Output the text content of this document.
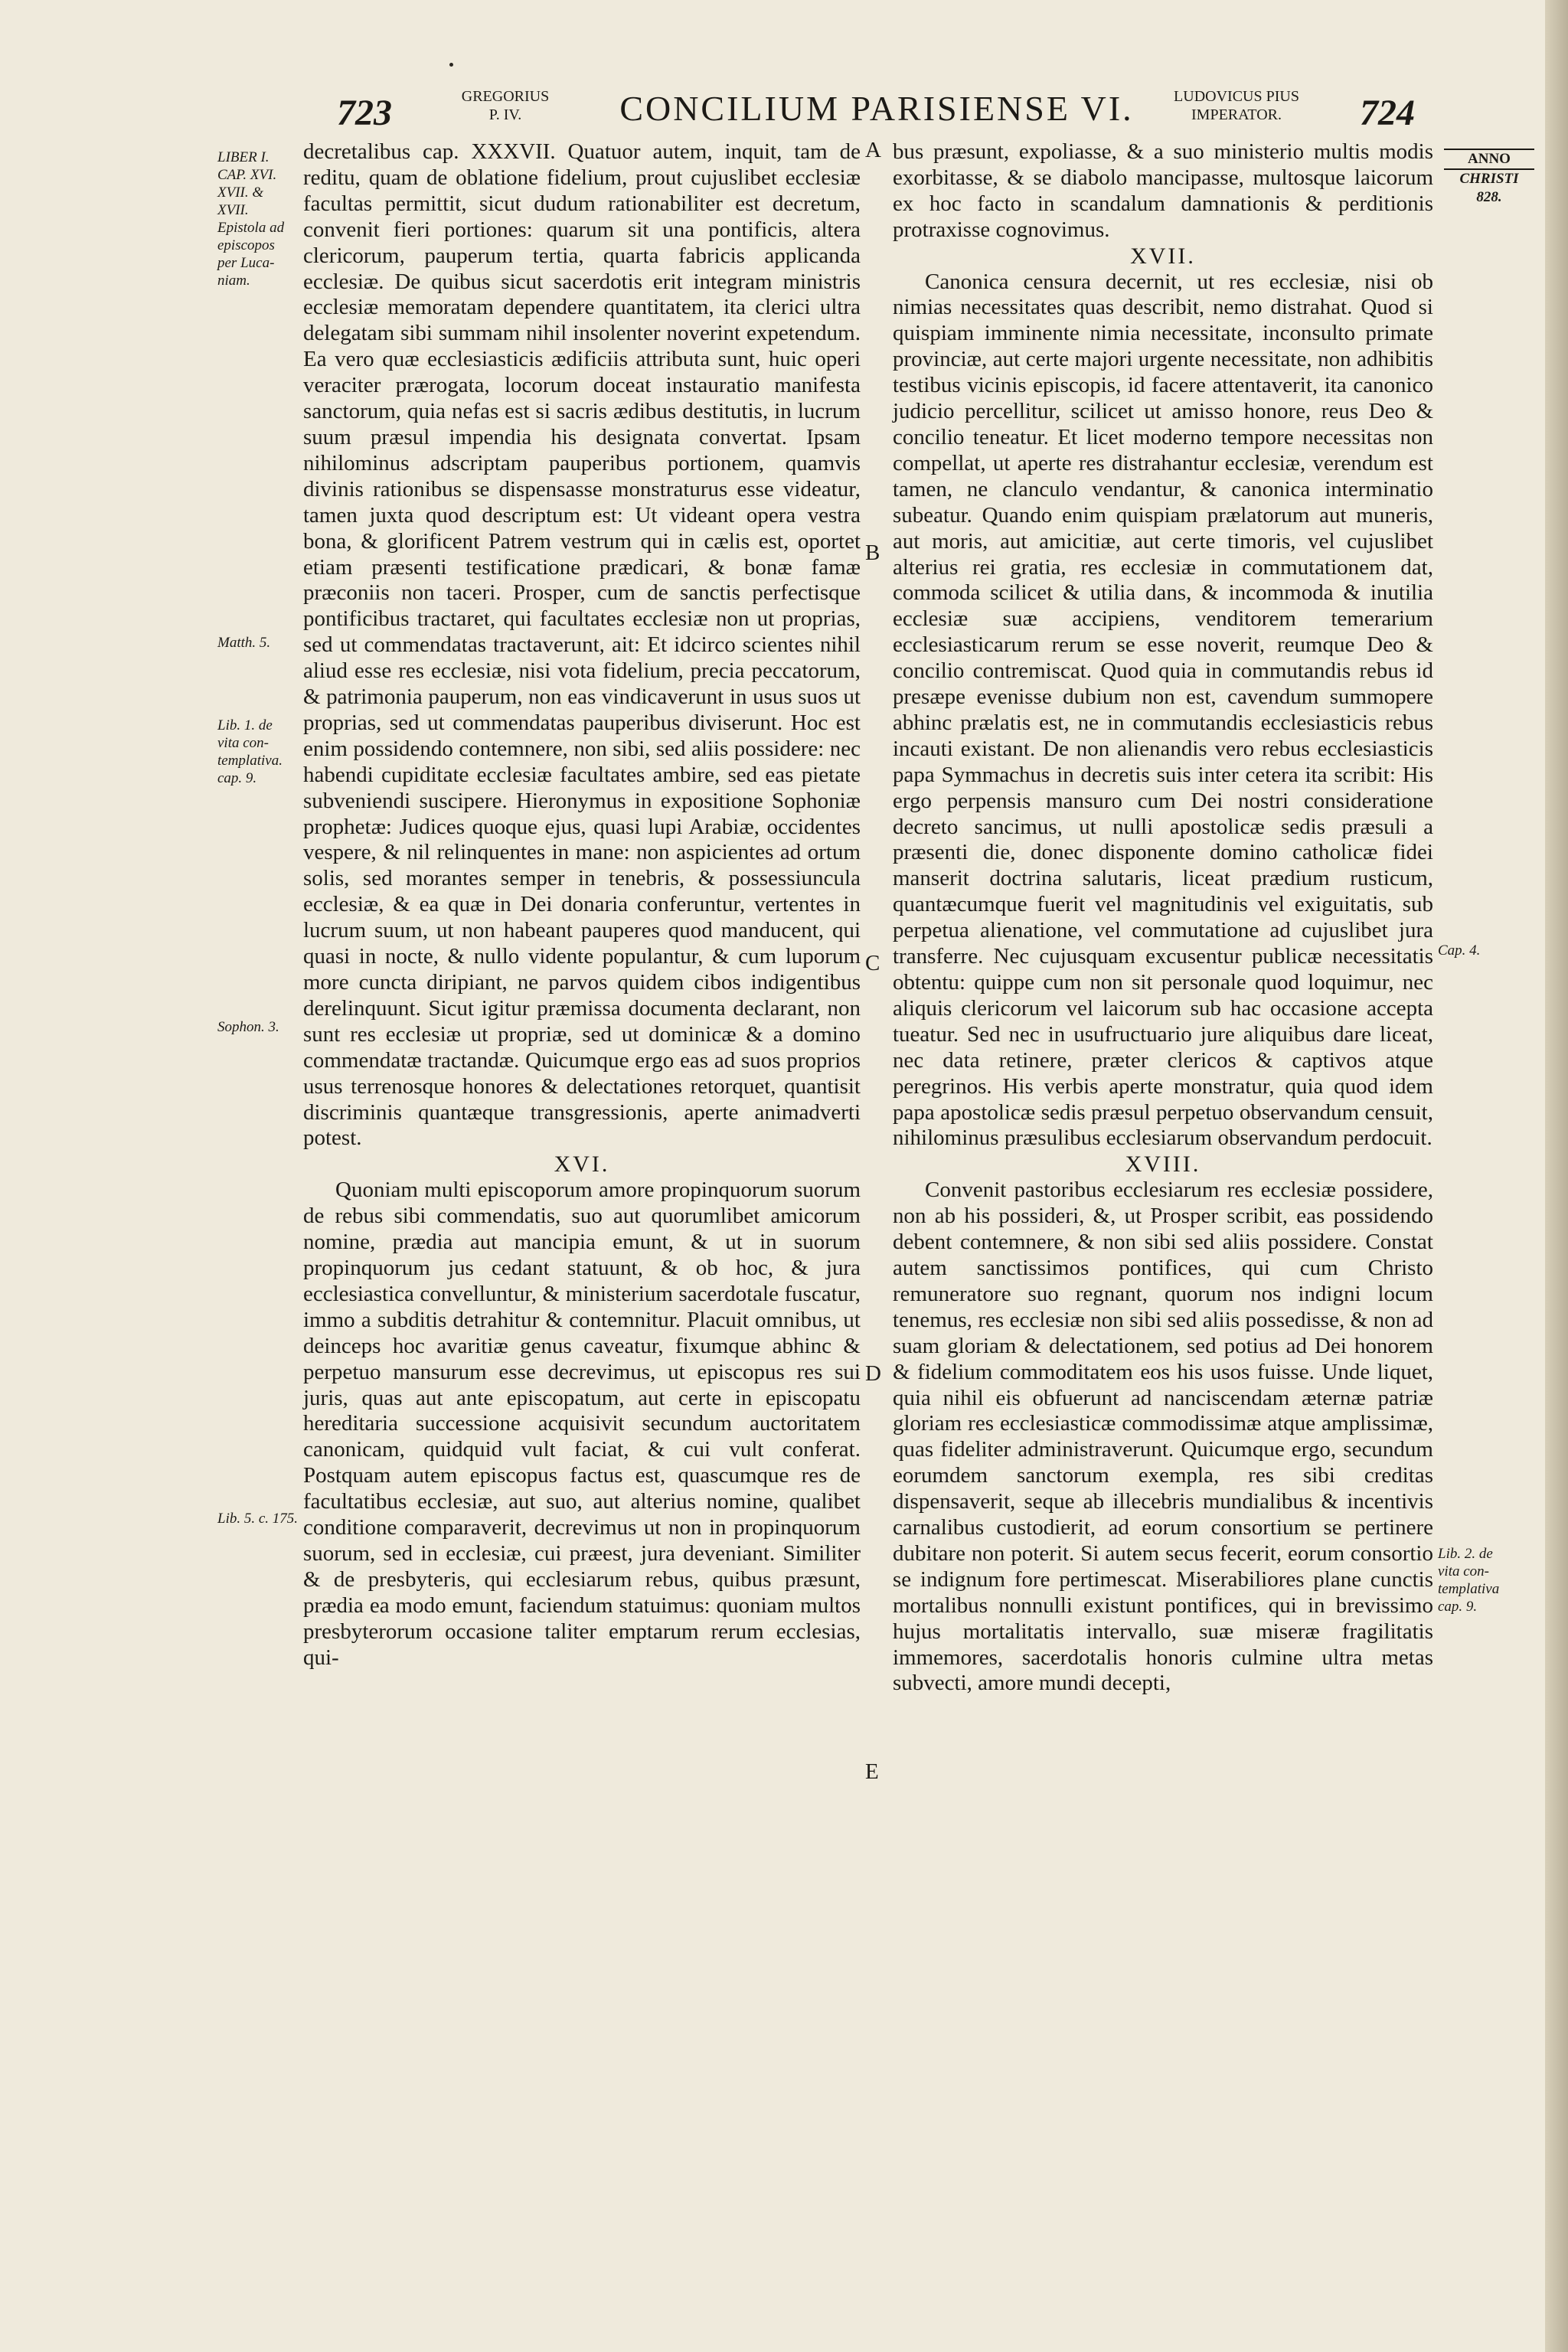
723	GREGORIUS
P. IV.	CONCILIUM PARISIENSE VI.	LUDOVICUS PIUS
IMPERATOR.	724
ANNO
CHRISTI
828.
LIBER I.
CAP. XVI.
XVII. &
XVII.
Epistola ad
episcopos
per Luca-
niam.
Matth. 5.
Lib. 1. de
vita con-
templativa.
cap. 9.
Sophon. 3.
Lib. 5. c. 175.
Cap. 4.
Lib. 2. de
vita con-
templativa
cap. 9.
A
B
C
D
E

decretalibus cap. XXXVII. Quatuor autem, inquit, tam de reditu, quam de oblatione fidelium, prout cujuslibet ecclesiæ facultas permittit, sicut dudum rationabiliter est decretum, convenit fieri portiones: quarum sit una pontificis, altera clericorum, pauperum tertia, quarta fabricis applicanda ecclesiæ. De quibus sicut sacerdotis erit integram ministris ecclesiæ memoratam dependere quantitatem, ita clerici ultra delegatam sibi summam nihil insolenter noverint expetendum. Ea vero quæ ecclesiasticis ædificiis attributa sunt, huic operi veraciter prærogata, locorum doceat instauratio manifesta sanctorum, quia nefas est si sacris ædibus destitutis, in lucrum suum præsul impendia his designata convertat. Ipsam nihilominus adscriptam pauperibus portionem, quamvis divinis rationibus se dispensasse monstraturus esse videatur, tamen juxta quod descriptum est: Ut videant opera vestra bona, & glorificent Patrem vestrum qui in cælis est, oportet etiam præsenti testificatione prædicari, & bonæ famæ præconiis non taceri. Prosper, cum de sanctis perfectisque pontificibus tractaret, qui facultates ecclesiæ non ut proprias, sed ut commendatas tractaverunt, ait: Et idcirco scientes nihil aliud esse res ecclesiæ, nisi vota fidelium, precia peccatorum, & patrimonia pauperum, non eas vindicaverunt in usus suos ut proprias, sed ut commendatas pauperibus diviserunt. Hoc est enim possidendo contemnere, non sibi, sed aliis possidere: nec habendi cupiditate ecclesiæ facultates ambire, sed eas pietate subveniendi suscipere. Hieronymus in expositione Sophoniæ prophetæ: Judices quoque ejus, quasi lupi Arabiæ, occidentes vespere, & nil relinquentes in mane: non aspicientes ad ortum solis, sed morantes semper in tenebris, & possessiuncula ecclesiæ, & ea quæ in Dei donaria conferuntur, vertentes in lucrum suum, ut non habeant pauperes quod manducent, qui quasi in nocte, & nullo vidente populantur, & cum luporum more cuncta diripiant, ne parvos quidem cibos indigentibus derelinquunt. Sicut igitur præmissa documenta declarant, non sunt res ecclesiæ ut propriæ, sed ut dominicæ & a domino commendatæ tractandæ. Quicumque ergo eas ad suos proprios usus terrenosque honores & delectationes retorquet, quantisit discriminis quantæque transgressionis, aperte animadverti potest.

XVI.

Quoniam multi episcoporum amore propinquorum suorum de rebus sibi commendatis, suo aut quorumlibet amicorum nomine, prædia aut mancipia emunt, & ut in suorum propinquorum jus cedant statuunt, & ob hoc, & jura ecclesiastica convelluntur, & ministerium sacerdotale fuscatur, immo a subditis detrahitur & contemnitur. Placuit omnibus, ut deinceps hoc avaritiæ genus caveatur, fixumque abhinc & perpetuo mansurum esse decrevimus, ut episcopus res sui juris, quas aut ante episcopatum, aut certe in episcopatu hereditaria successione acquisivit secundum auctoritatem canonicam, quidquid vult faciat, & cui vult conferat. Postquam autem episcopus factus est, quascumque res de facultatibus ecclesiæ, aut suo, aut alterius nomine, qualibet conditione comparaverit, decrevimus ut non in propinquorum suorum, sed in ecclesiæ, cui præest, jura deveniant. Similiter & de presbyteris, qui ecclesiarum rebus, quibus præsunt, prædia ea modo emunt, faciendum statuimus: quoniam multos presbyterorum occasione taliter emptarum rerum ecclesias, qui-

bus præsunt, expoliasse, & a suo ministerio multis modis exorbitasse, & se diabolo mancipasse, multosque laicorum ex hoc facto in scandalum damnationis & perditionis protraxisse cognovimus.

XVII.

Canonica censura decernit, ut res ecclesiæ, nisi ob nimias necessitates quas describit, nemo distrahat. Quod si quispiam imminente nimia necessitate, inconsulto primate provinciæ, aut certe majori urgente necessitate, non adhibitis testibus vicinis episcopis, id facere attentaverit, ita canonico judicio percellitur, scilicet ut amisso honore, reus Deo & concilio teneatur. Et licet moderno tempore necessitas non compellat, ut aperte res distrahantur ecclesiæ, verendum est tamen, ne clanculo vendantur, & canonica interminatio subeatur. Quando enim quispiam prælatorum aut muneris, aut moris, aut amicitiæ, aut certe timoris, vel cujuslibet alterius rei gratia, res ecclesiæ in commutationem dat, commoda scilicet & utilia dans, & incommoda & inutilia ecclesiæ suæ accipiens, venditorem temerarium ecclesiasticarum rerum se esse noverit, reumque Deo & concilio contremiscat. Quod quia in commutandis rebus id presæpe evenisse dubium non est, cavendum summopere abhinc prælatis est, ne in commutandis ecclesiasticis rebus incauti existant. De non alienandis vero rebus ecclesiasticis papa Symmachus in decretis suis inter cetera ita scribit: His ergo perpensis mansuro cum Dei nostri consideratione decreto sancimus, ut nulli apostolicæ sedis præsuli a præsenti die, donec disponente domino catholicæ fidei manserit doctrina salutaris, liceat prædium rusticum, quantæcumque fuerit vel magnitudinis vel exiguitatis, sub perpetua alienatione, vel commutatione ad cujuslibet jura transferre. Nec cujusquam excusentur publicæ necessitatis obtentu: quippe cum non sit personale quod loquimur, nec aliquis clericorum vel laicorum sub hac occasione accepta tueatur. Sed nec in usufructuario jure aliquibus dare liceat, nec data retinere, præter clericos & captivos atque peregrinos. His verbis aperte monstratur, quia quod idem papa apostolicæ sedis præsul perpetuo observandum censuit, nihilominus præsulibus ecclesiarum observandum perdocuit.

XVIII.

Convenit pastoribus ecclesiarum res ecclesiæ possidere, non ab his possideri, &, ut Prosper scribit, eas possidendo debent contemnere, & non sibi sed aliis possidere. Constat autem sanctissimos pontifices, qui cum Christo remuneratore suo regnant, quorum nos indigni locum tenemus, res ecclesiæ non sibi sed aliis possedisse, & non ad suam gloriam & delectationem, sed potius ad Dei honorem & fidelium commoditatem eos his usos fuisse. Unde liquet, quia nihil eis obfuerunt ad nanciscendam æternæ patriæ gloriam res ecclesiasticæ commodissimæ atque amplissimæ, quas fideliter administraverunt. Quicumque ergo, secundum eorumdem sanctorum exempla, res sibi creditas dispensaverit, seque ab illecebris mundialibus & incentivis carnalibus custodierit, ad eorum consortium se pertinere dubitare non poterit. Si autem secus fecerit, eorum consortio se indignum fore pertimescat. Miserabiliores plane cunctis mortalibus nonnulli existunt pontifices, qui in brevissimo hujus mortalitatis intervallo, suæ miseræ fragilitatis immemores, sacerdotalis honoris culmine ultra metas subvecti, amore mundi decepti,
